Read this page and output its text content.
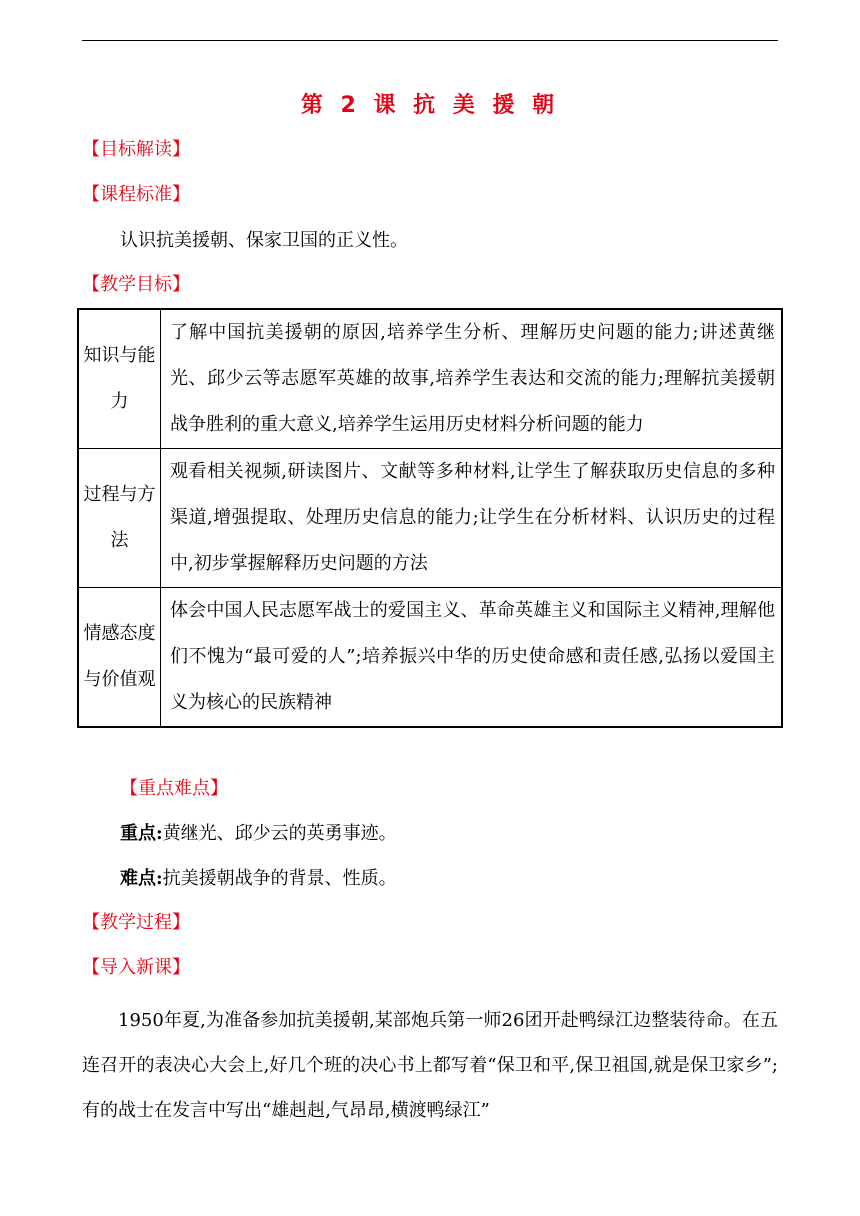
第 2 课 抗 美 援 朝
【目标解读】
【课程标准】
认识抗美援朝、保家卫国的正义性。
【教学目标】
知识与能力	了解中国抗美援朝的原因,培养学生分析、理解历史问题的能力;讲述黄继光、邱少云等志愿军英雄的故事,培养学生表达和交流的能力;理解抗美援朝战争胜利的重大意义,培养学生运用历史材料分析问题的能力
过程与方法	观看相关视频,研读图片、文献等多种材料,让学生了解获取历史信息的多种渠道,增强提取、处理历史信息的能力;让学生在分析材料、认识历史的过程中,初步掌握解释历史问题的方法
情感态度与价值观	体会中国人民志愿军战士的爱国主义、革命英雄主义和国际主义精神,理解他们不愧为“最可爱的人”;培养振兴中华的历史使命感和责任感,弘扬以爱国主义为核心的民族精神
【重点难点】
重点:黄继光、邱少云的英勇事迹。
难点:抗美援朝战争的背景、性质。
【教学过程】
【导入新课】
1950年夏,为准备参加抗美援朝,某部炮兵第一师26团开赴鸭绿江边整装待命。在五连召开的表决心大会上,好几个班的决心书上都写着“保卫和平,保卫祖国,就是保卫家乡”;有的战士在发言中写出“雄赳赳,气昂昂,横渡鸭绿江”
